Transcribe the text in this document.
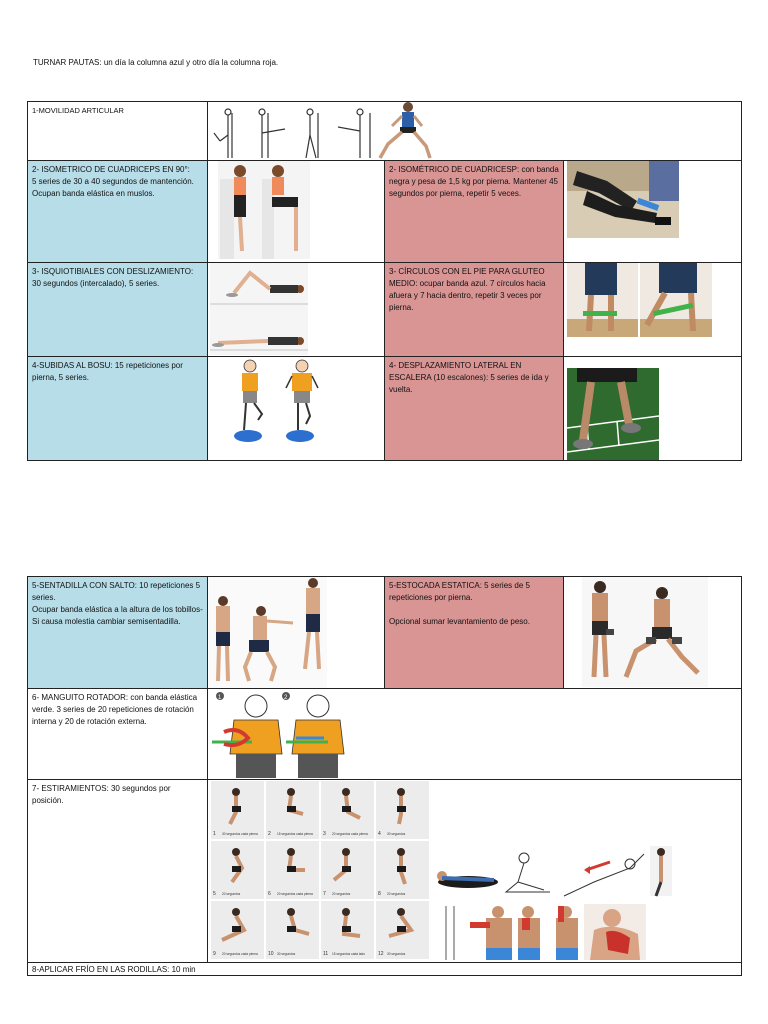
TURNAR PAUTAS: un día la columna azul y otro día la columna roja.
1-MOVILIDAD ARTICULAR
2- ISOMETRICO DE CUADRICEPS EN 90°:
5 series de 30 a 40 segundos de mantención.
Ocupan banda elástica en muslos.
2- ISOMÉTRICO DE CUADRICESP: con banda negra y pesa de 1,5 kg por pierna. Mantener 45 segundos por pierna, repetir 5 veces.
3- ISQUIOTIBIALES CON DESLIZAMIENTO: 30 segundos (intercalado), 5 series.
3- CÍRCULOS CON EL PIE PARA GLUTEO MEDIO: ocupar banda azul. 7 círculos hacia afuera y 7 hacia dentro, repetir 3 veces por pierna.
4-SUBIDAS AL BOSU: 15 repeticiones por pierna, 5 series.
4- DESPLAZAMIENTO LATERAL EN ESCALERA (10 escalones): 5 series de ida y vuelta.
5-SENTADILLA CON SALTO: 10 repeticiones 5 series.
Ocupar banda elástica a la altura de los tobillos-
Si causa molestia cambiar semisentadilla.
5-ESTOCADA ESTATICA: 5 series de 5 repeticiones por pierna.

Opcional sumar levantamiento de peso.
6- MANGUITO ROTADOR: con banda elástica verde. 3 series de 20 repeticiones de rotación interna y 20 de rotación externa.
1	2
7- ESTIRAMIENTOS: 30 segundos por posición.
1 30 segundos cada pierna 2 15 segundos cada pierna 3 20 segundos cada pierna 4 30 segundos
5 20 segundos	6 20 segundos cada pierna 7 20 segundos	8 20 segundos
9 20 segundos cada pierna 10 30 segundos	11 15 segundos cada lado	12 30 segundos
8-APLICAR FRÍO EN LAS RODILLAS: 10 min
